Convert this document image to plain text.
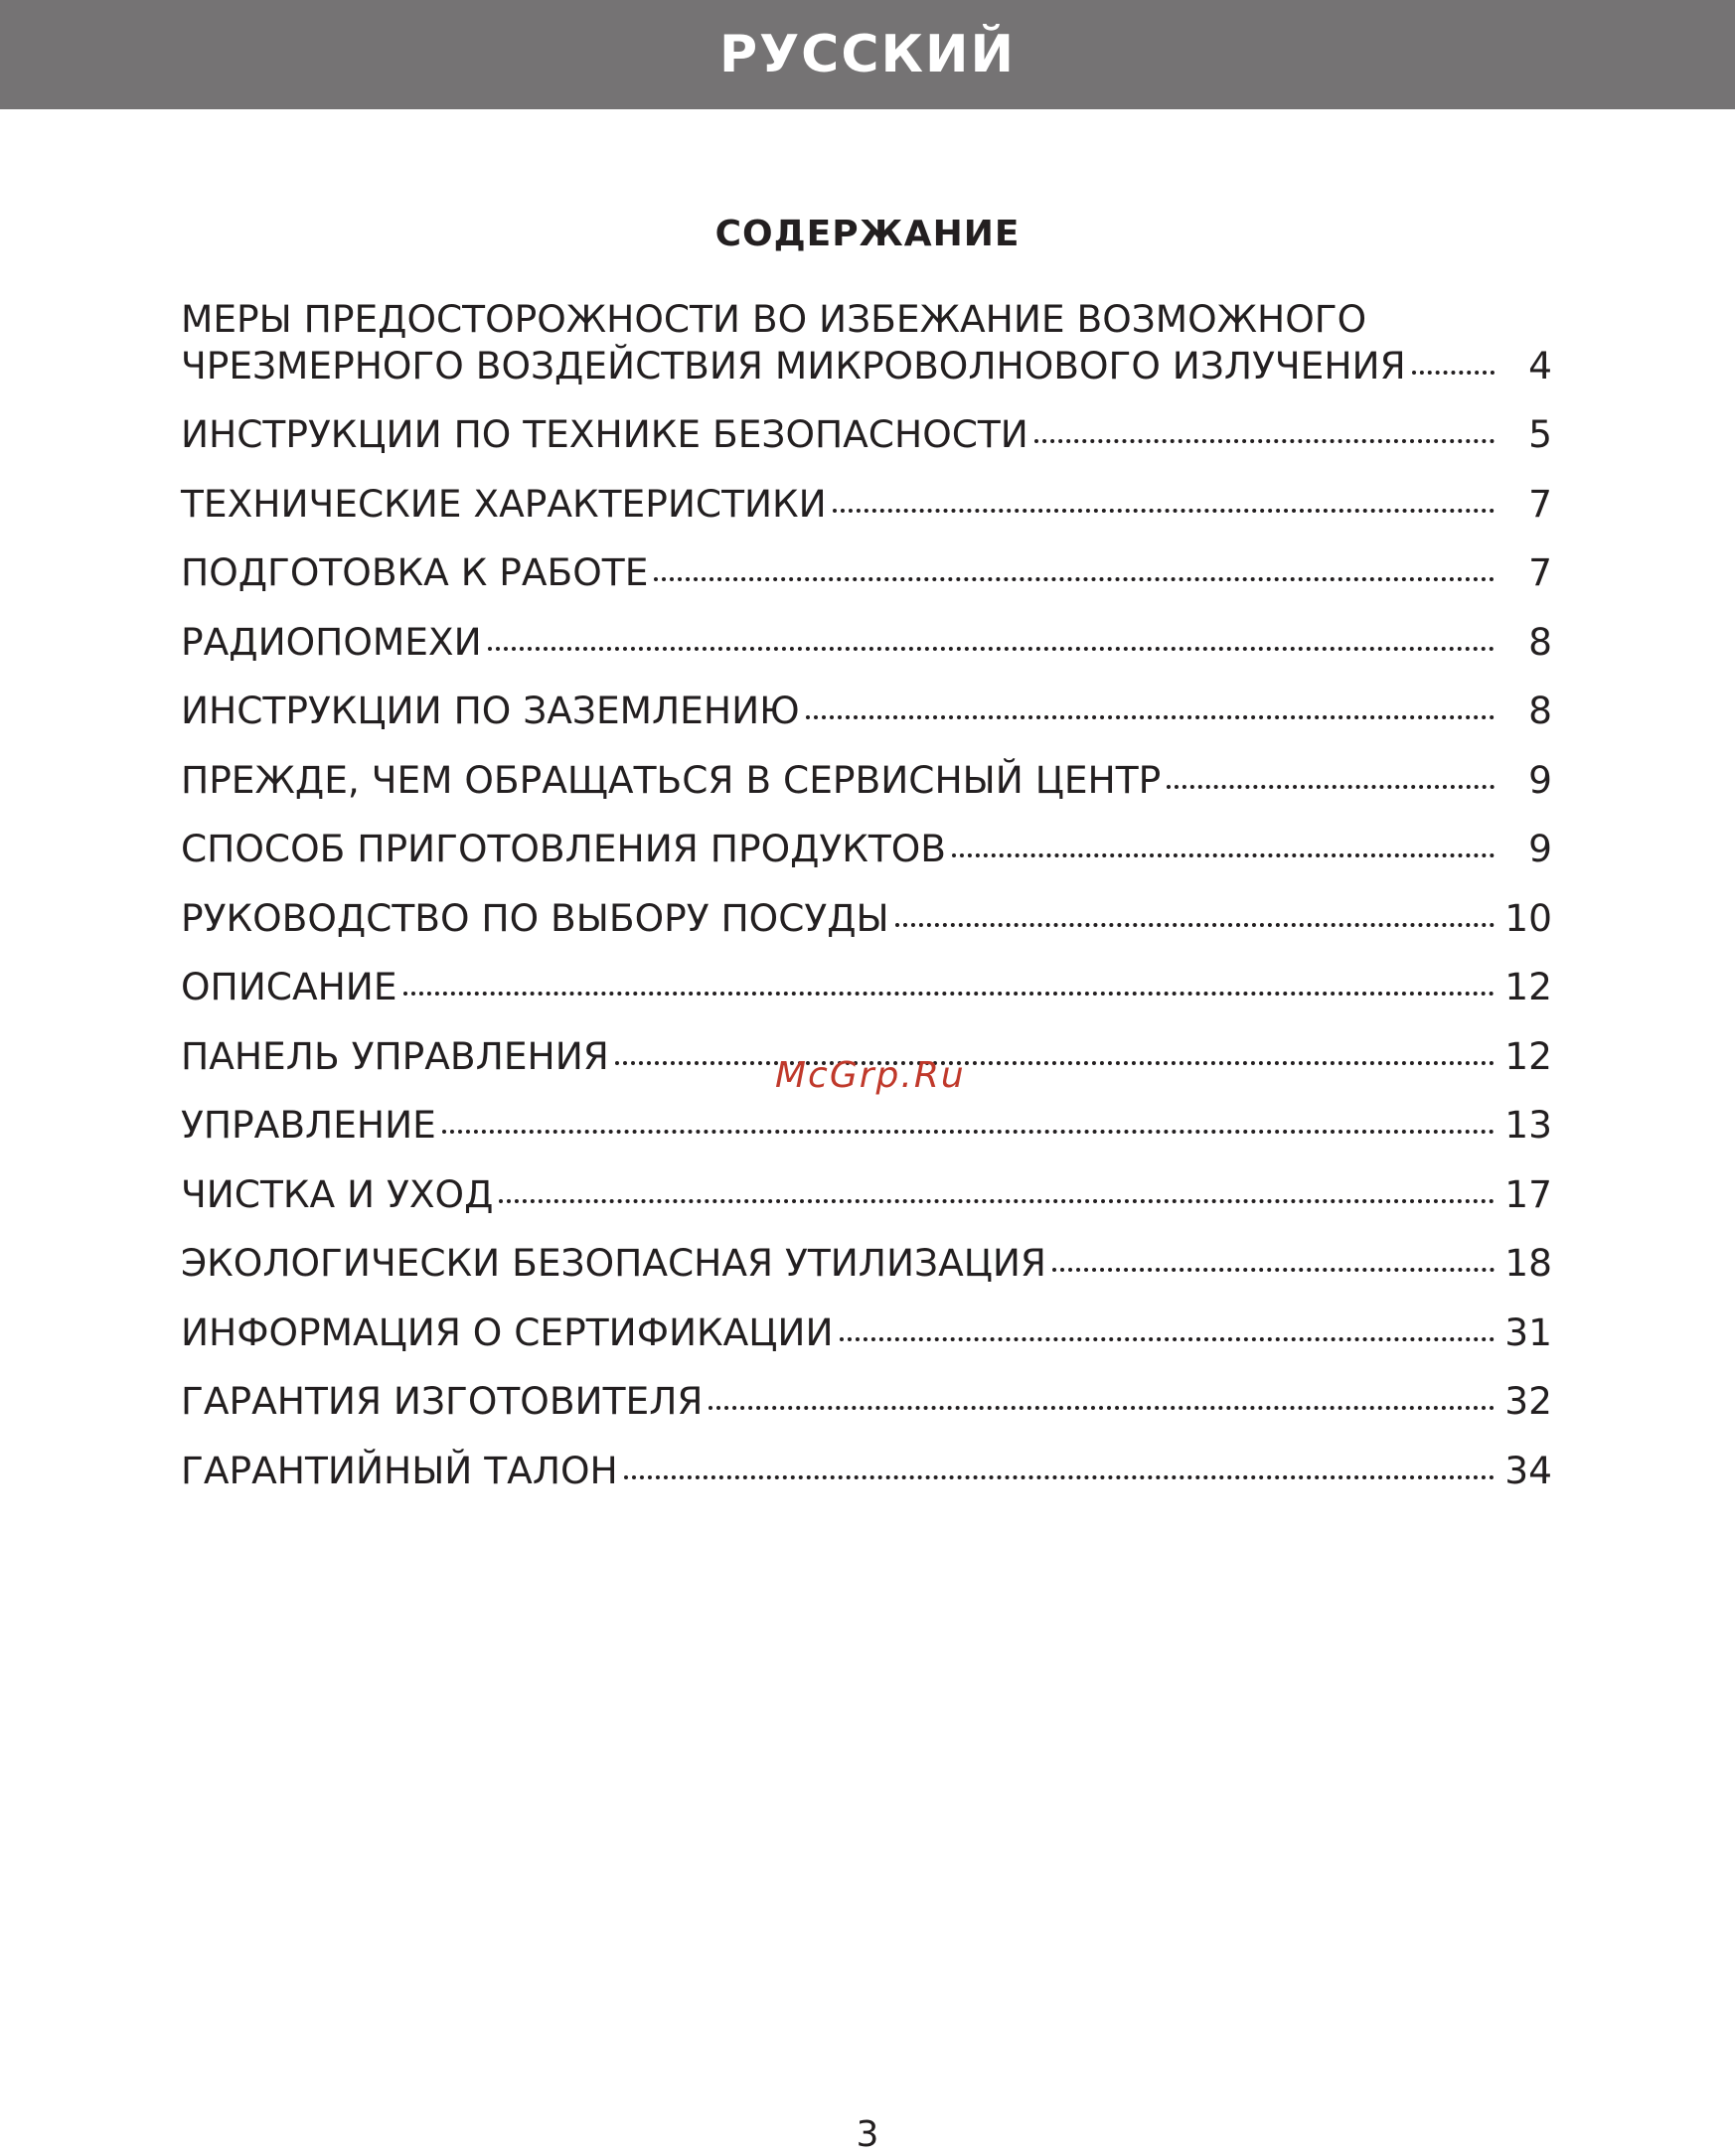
РУССКИЙ
СОДЕРЖАНИЕ
МЕРЫ ПРЕДОСТОРОЖНОСТИ ВО ИЗБЕЖАНИЕ ВОЗМОЖНОГО
ЧРЕЗМЕРНОГО ВОЗДЕЙСТВИЯ МИКРОВОЛНОВОГО ИЗЛУЧЕНИЯ	4
ИНСТРУКЦИИ ПО ТЕХНИКЕ БЕЗОПАСНОСТИ	5
ТЕХНИЧЕСКИЕ ХАРАКТЕРИСТИКИ	7
ПОДГОТОВКА К РАБОТЕ	7
РАДИОПОМЕХИ	8
ИНСТРУКЦИИ ПО ЗАЗЕМЛЕНИЮ	8
ПРЕЖДЕ, ЧЕМ ОБРАЩАТЬСЯ В СЕРВИСНЫЙ ЦЕНТР	9
СПОСОБ ПРИГОТОВЛЕНИЯ ПРОДУКТОВ	9
РУКОВОДСТВО ПО ВЫБОРУ ПОСУДЫ	10
ОПИСАНИЕ	12
ПАНЕЛЬ УПРАВЛЕНИЯ	12
УПРАВЛЕНИЕ	13
ЧИСТКА И УХОД	17
ЭКОЛОГИЧЕСКИ БЕЗОПАСНАЯ УТИЛИЗАЦИЯ	18
ИНФОРМАЦИЯ О СЕРТИФИКАЦИИ	31
ГАРАНТИЯ ИЗГОТОВИТЕЛЯ	32
ГАРАНТИЙНЫЙ ТАЛОН	34
McGrp.Ru
3
